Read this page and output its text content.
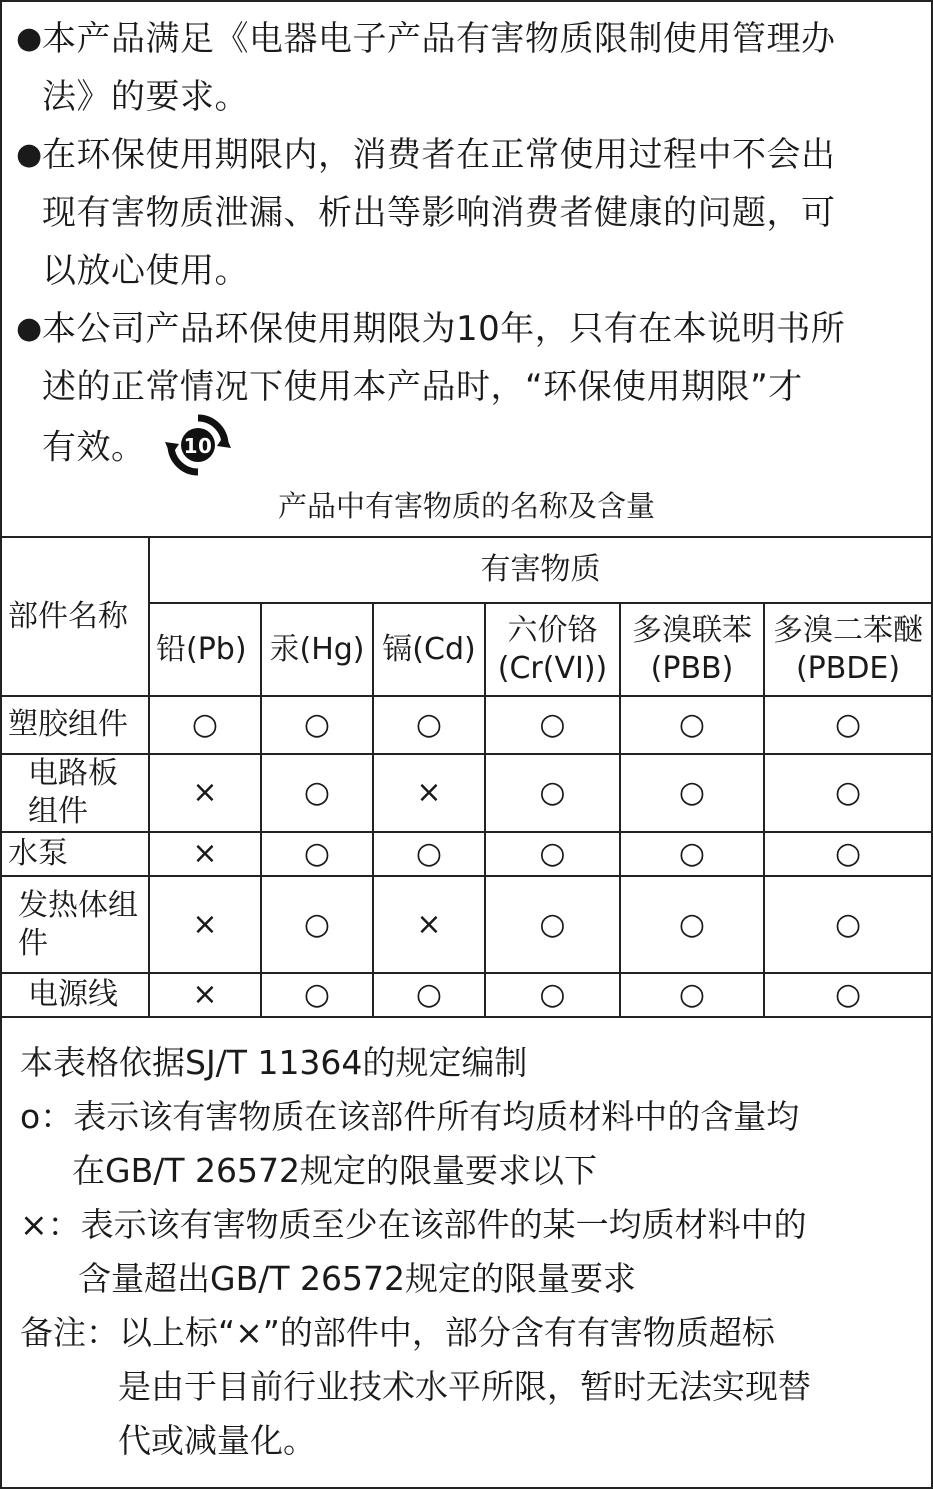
● 本产品满足《电器电子产品有害物质限制使用管理办
法》的要求。
● 在环保使用期限内，消费者在正常使用过程中不会出
现有害物质泄漏、析出等影响消费者健康的问题，可
以放心使用。
● 本公司产品环保使用期限为10年，只有在本说明书所
述的正常情况下使用本产品时，“环保使用期限”才
有效。 10
产品中有害物质的名称及含量
部件名称	有害物质					
	铅(Pb)	汞(Hg)	镉(Cd)	六价铬(Cr(VI))	多溴联苯(PBB)	多溴二苯醚(PBDE)
塑胶组件	○	○	○	○	○	○
电路板组件	×	○	×	○	○	○
水泵	×	○	○	○	○	○
发热体组件	×	○	×	○	○	○
电源线	×	○	○	○	○	○
本表格依据SJ/T 11364的规定编制
o：表示该有害物质在该部件所有均质材料中的含量均
在GB/T 26572规定的限量要求以下
×：表示该有害物质至少在该部件的某一均质材料中的
含量超出GB/T 26572规定的限量要求
备注：以上标“×”的部件中，部分含有有害物质超标
是由于目前行业技术水平所限，暂时无法实现替
代或减量化。
